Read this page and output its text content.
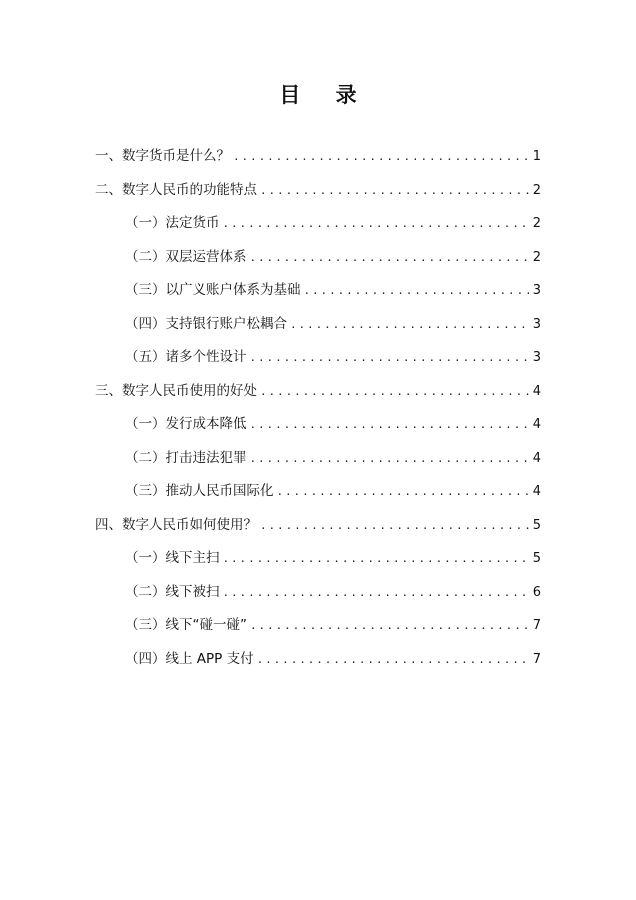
目 录
一、数字货币是什么？ .....	1
二、数字人民币的功能特点 .....	2
（一）法定货币 .....	2
（二）双层运营体系 .....	2
（三）以广义账户体系为基础 .....	3
（四）支持银行账户松耦合 .....	3
（五）诸多个性设计 .....	3
三、数字人民币使用的好处 .....	4
（一）发行成本降低 .....	4
（二）打击违法犯罪 .....	4
（三）推动人民币国际化 .....	4
四、数字人民币如何使用？ .....	5
（一）线下主扫 .....	5
（二）线下被扫 .....	6
（三）线下“碰一碰” .....	7
（四）线上 APP 支付 .....	7
